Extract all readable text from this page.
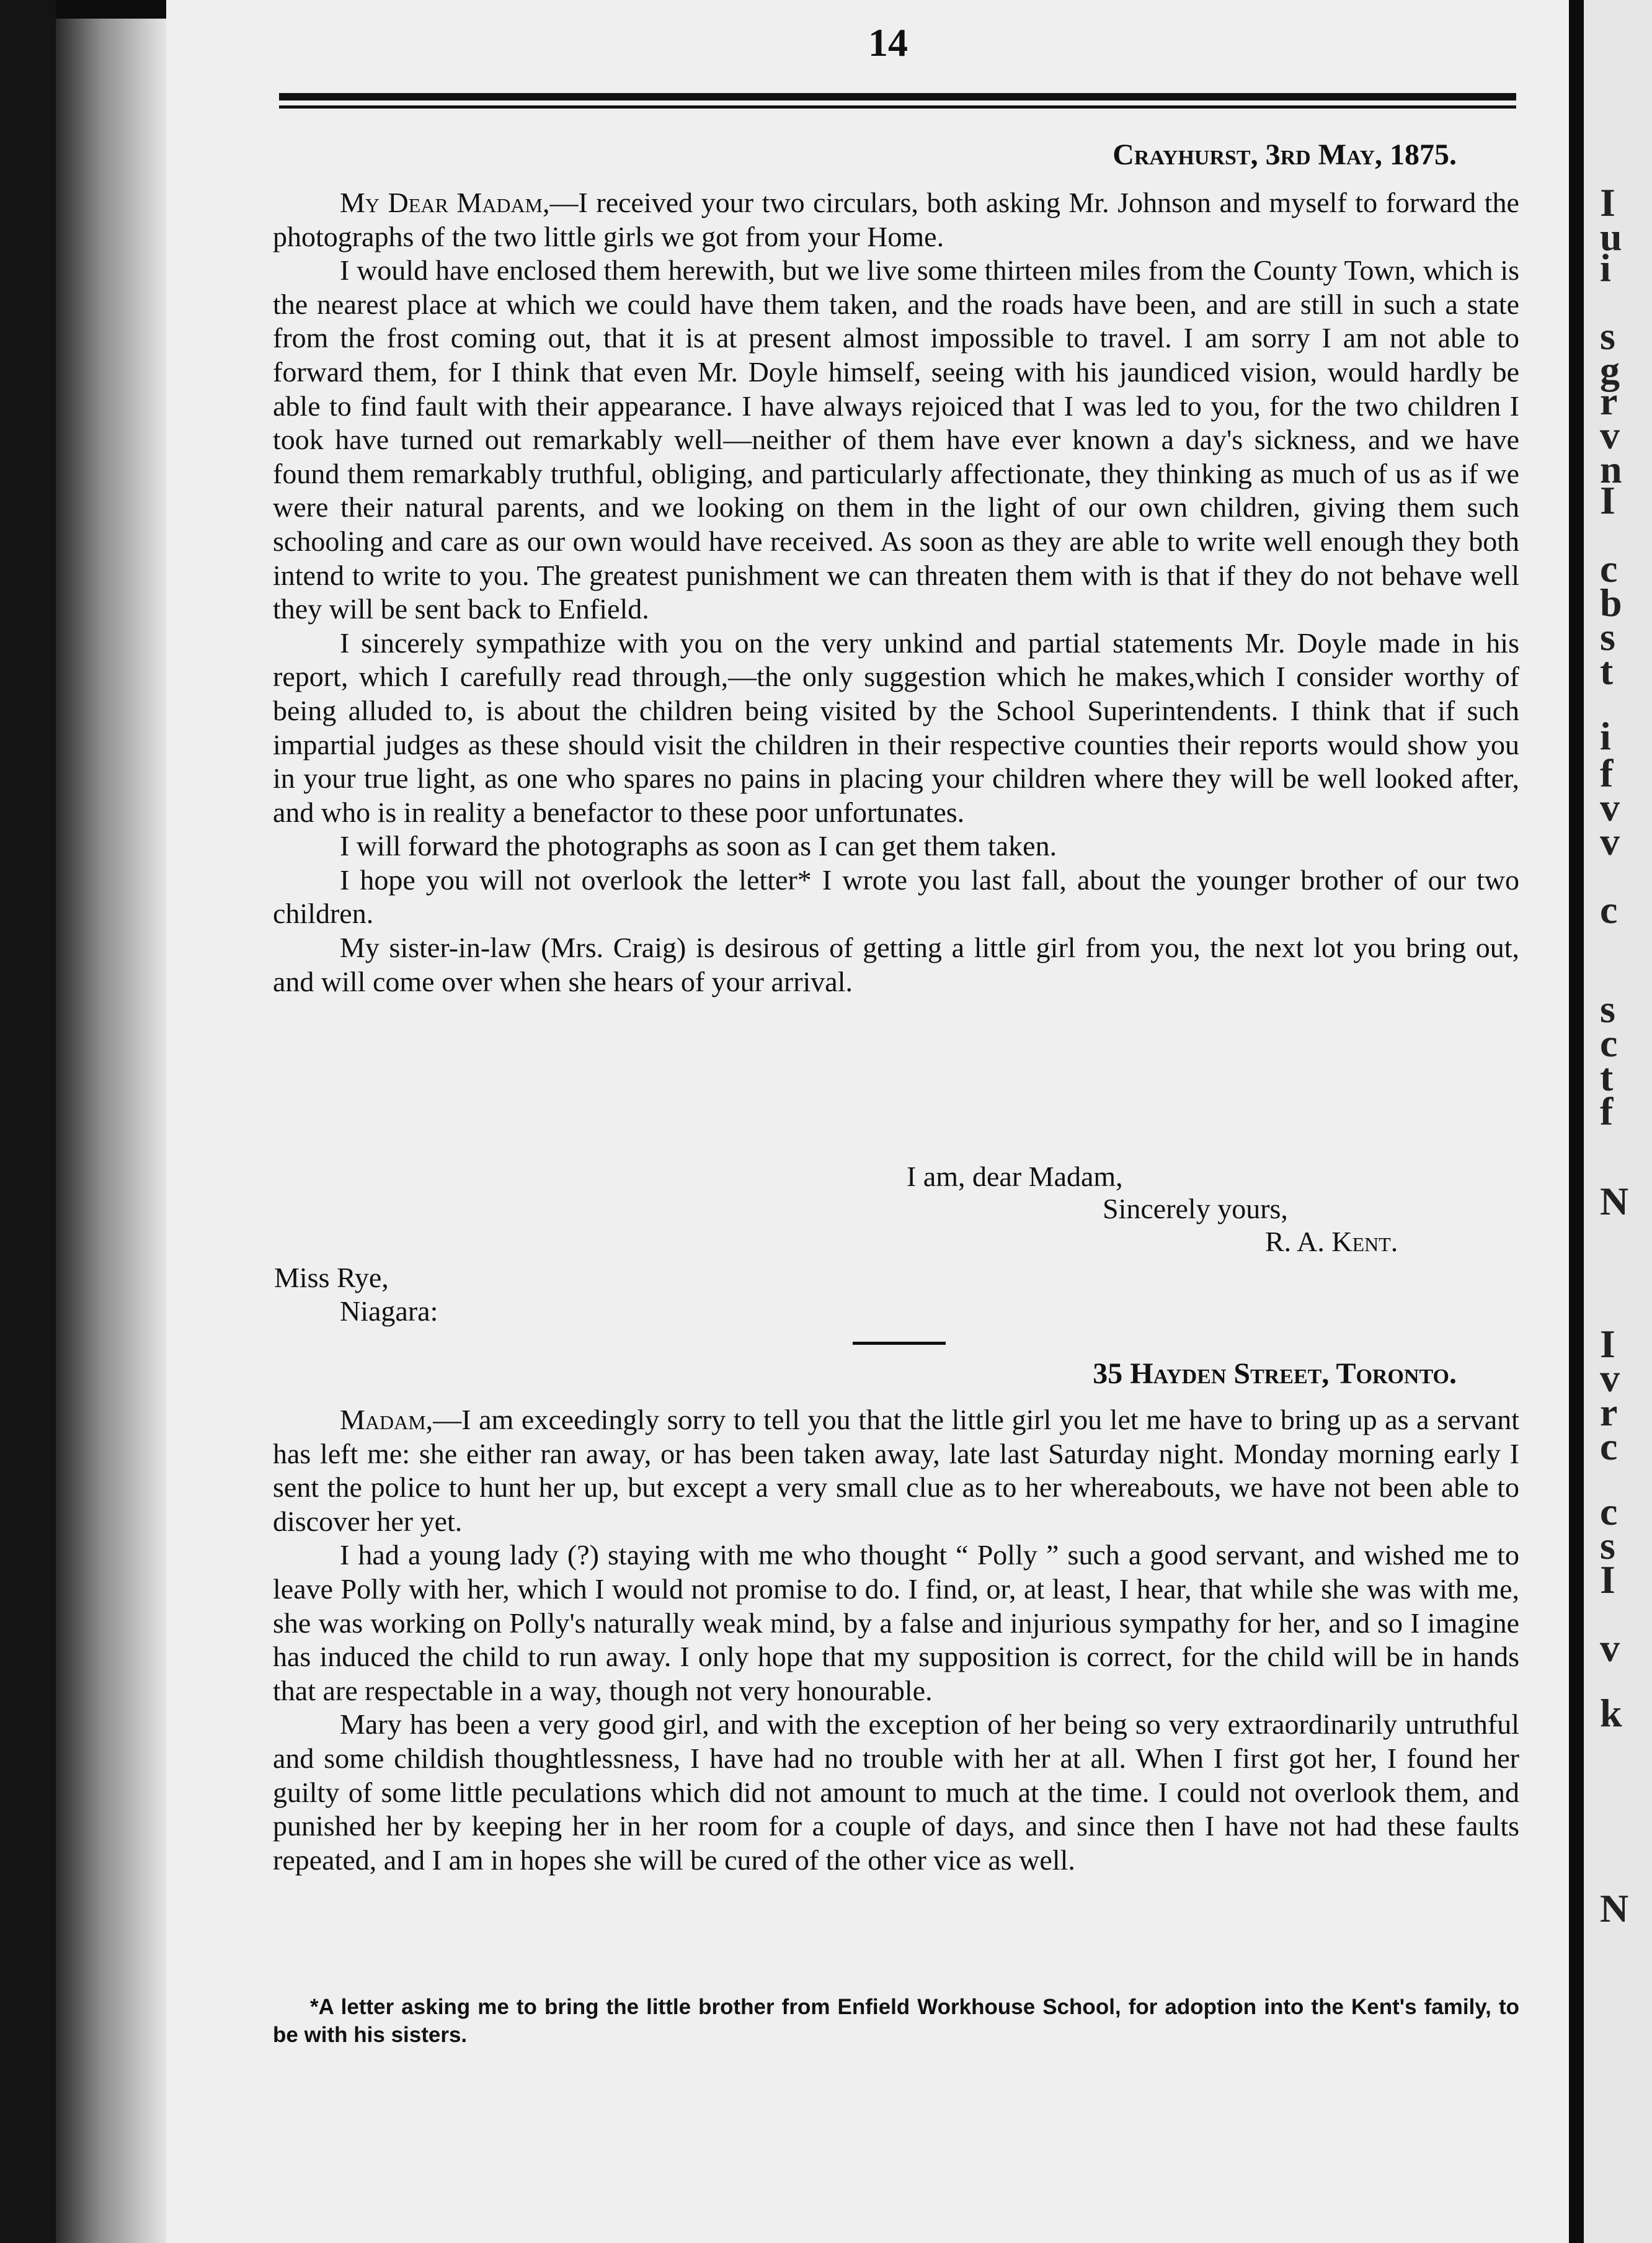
I
u
i
s
g
r
v
n
I
c
b
s
t
i
f
v
v
c
s
c
t
f
N
I
v
r
c
c
s
I
v
k
N
14
Crayhurst, 3rd May, 1875.

My Dear Madam,—I received your two circulars, both asking Mr. Johnson and myself to forward the photographs of the two little girls we got from your Home.

I would have enclosed them herewith, but we live some thirteen miles from the County Town, which is the nearest place at which we could have them taken, and the roads have been, and are still in such a state from the frost coming out, that it is at present almost impossible to travel. I am sorry I am not able to forward them, for I think that even Mr. Doyle himself, seeing with his jaundiced vision, would hardly be able to find fault with their appearance. I have always rejoiced that I was led to you, for the two children I took have turned out remarkably well—neither of them have ever known a day's sickness, and we have found them remarkably truthful, obliging, and particularly affectionate, they thinking as much of us as if we were their natural parents, and we looking on them in the light of our own children, giving them such schooling and care as our own would have received. As soon as they are able to write well enough they both intend to write to you. The greatest punishment we can threaten them with is that if they do not behave well they will be sent back to Enfield.

I sincerely sympathize with you on the very unkind and partial statements Mr. Doyle made in his report, which I carefully read through,—the only suggestion which he makes,which I consider worthy of being alluded to, is about the children being visited by the School Superintendents. I think that if such impartial judges as these should visit the children in their respective counties their reports would show you in your true light, as one who spares no pains in placing your children where they will be well looked after, and who is in reality a benefactor to these poor unfortunates.

I will forward the photographs as soon as I can get them taken.

I hope you will not overlook the letter* I wrote you last fall, about the younger brother of our two children.

My sister-in-law (Mrs. Craig) is desirous of getting a little girl from you, the next lot you bring out, and will come over when she hears of your arrival.

I am, dear Madam,
Sincerely yours,
R. A. Kent.
Miss Rye,
Niagara:
35 Hayden Street, Toronto.

Madam,—I am exceedingly sorry to tell you that the little girl you let me have to bring up as a servant has left me: she either ran away, or has been taken away, late last Saturday night. Monday morning early I sent the police to hunt her up, but except a very small clue as to her whereabouts, we have not been able to discover her yet.

I had a young lady (?) staying with me who thought “ Polly ” such a good servant, and wished me to leave Polly with her, which I would not promise to do. I find, or, at least, I hear, that while she was with me, she was working on Polly's naturally weak mind, by a false and injurious sympathy for her, and so I imagine has induced the child to run away. I only hope that my supposition is correct, for the child will be in hands that are respectable in a way, though not very honourable.

Mary has been a very good girl, and with the exception of her being so very extraordinarily untruthful and some childish thoughtlessness, I have had no trouble with her at all. When I first got her, I found her guilty of some little peculations which did not amount to much at the time. I could not overlook them, and punished her by keeping her in her room for a couple of days, and since then I have not had these faults repeated, and I am in hopes she will be cured of the other vice as well.

*A letter asking me to bring the little brother from Enfield Workhouse School, for adoption into the Kent's family, to be with his sisters.
